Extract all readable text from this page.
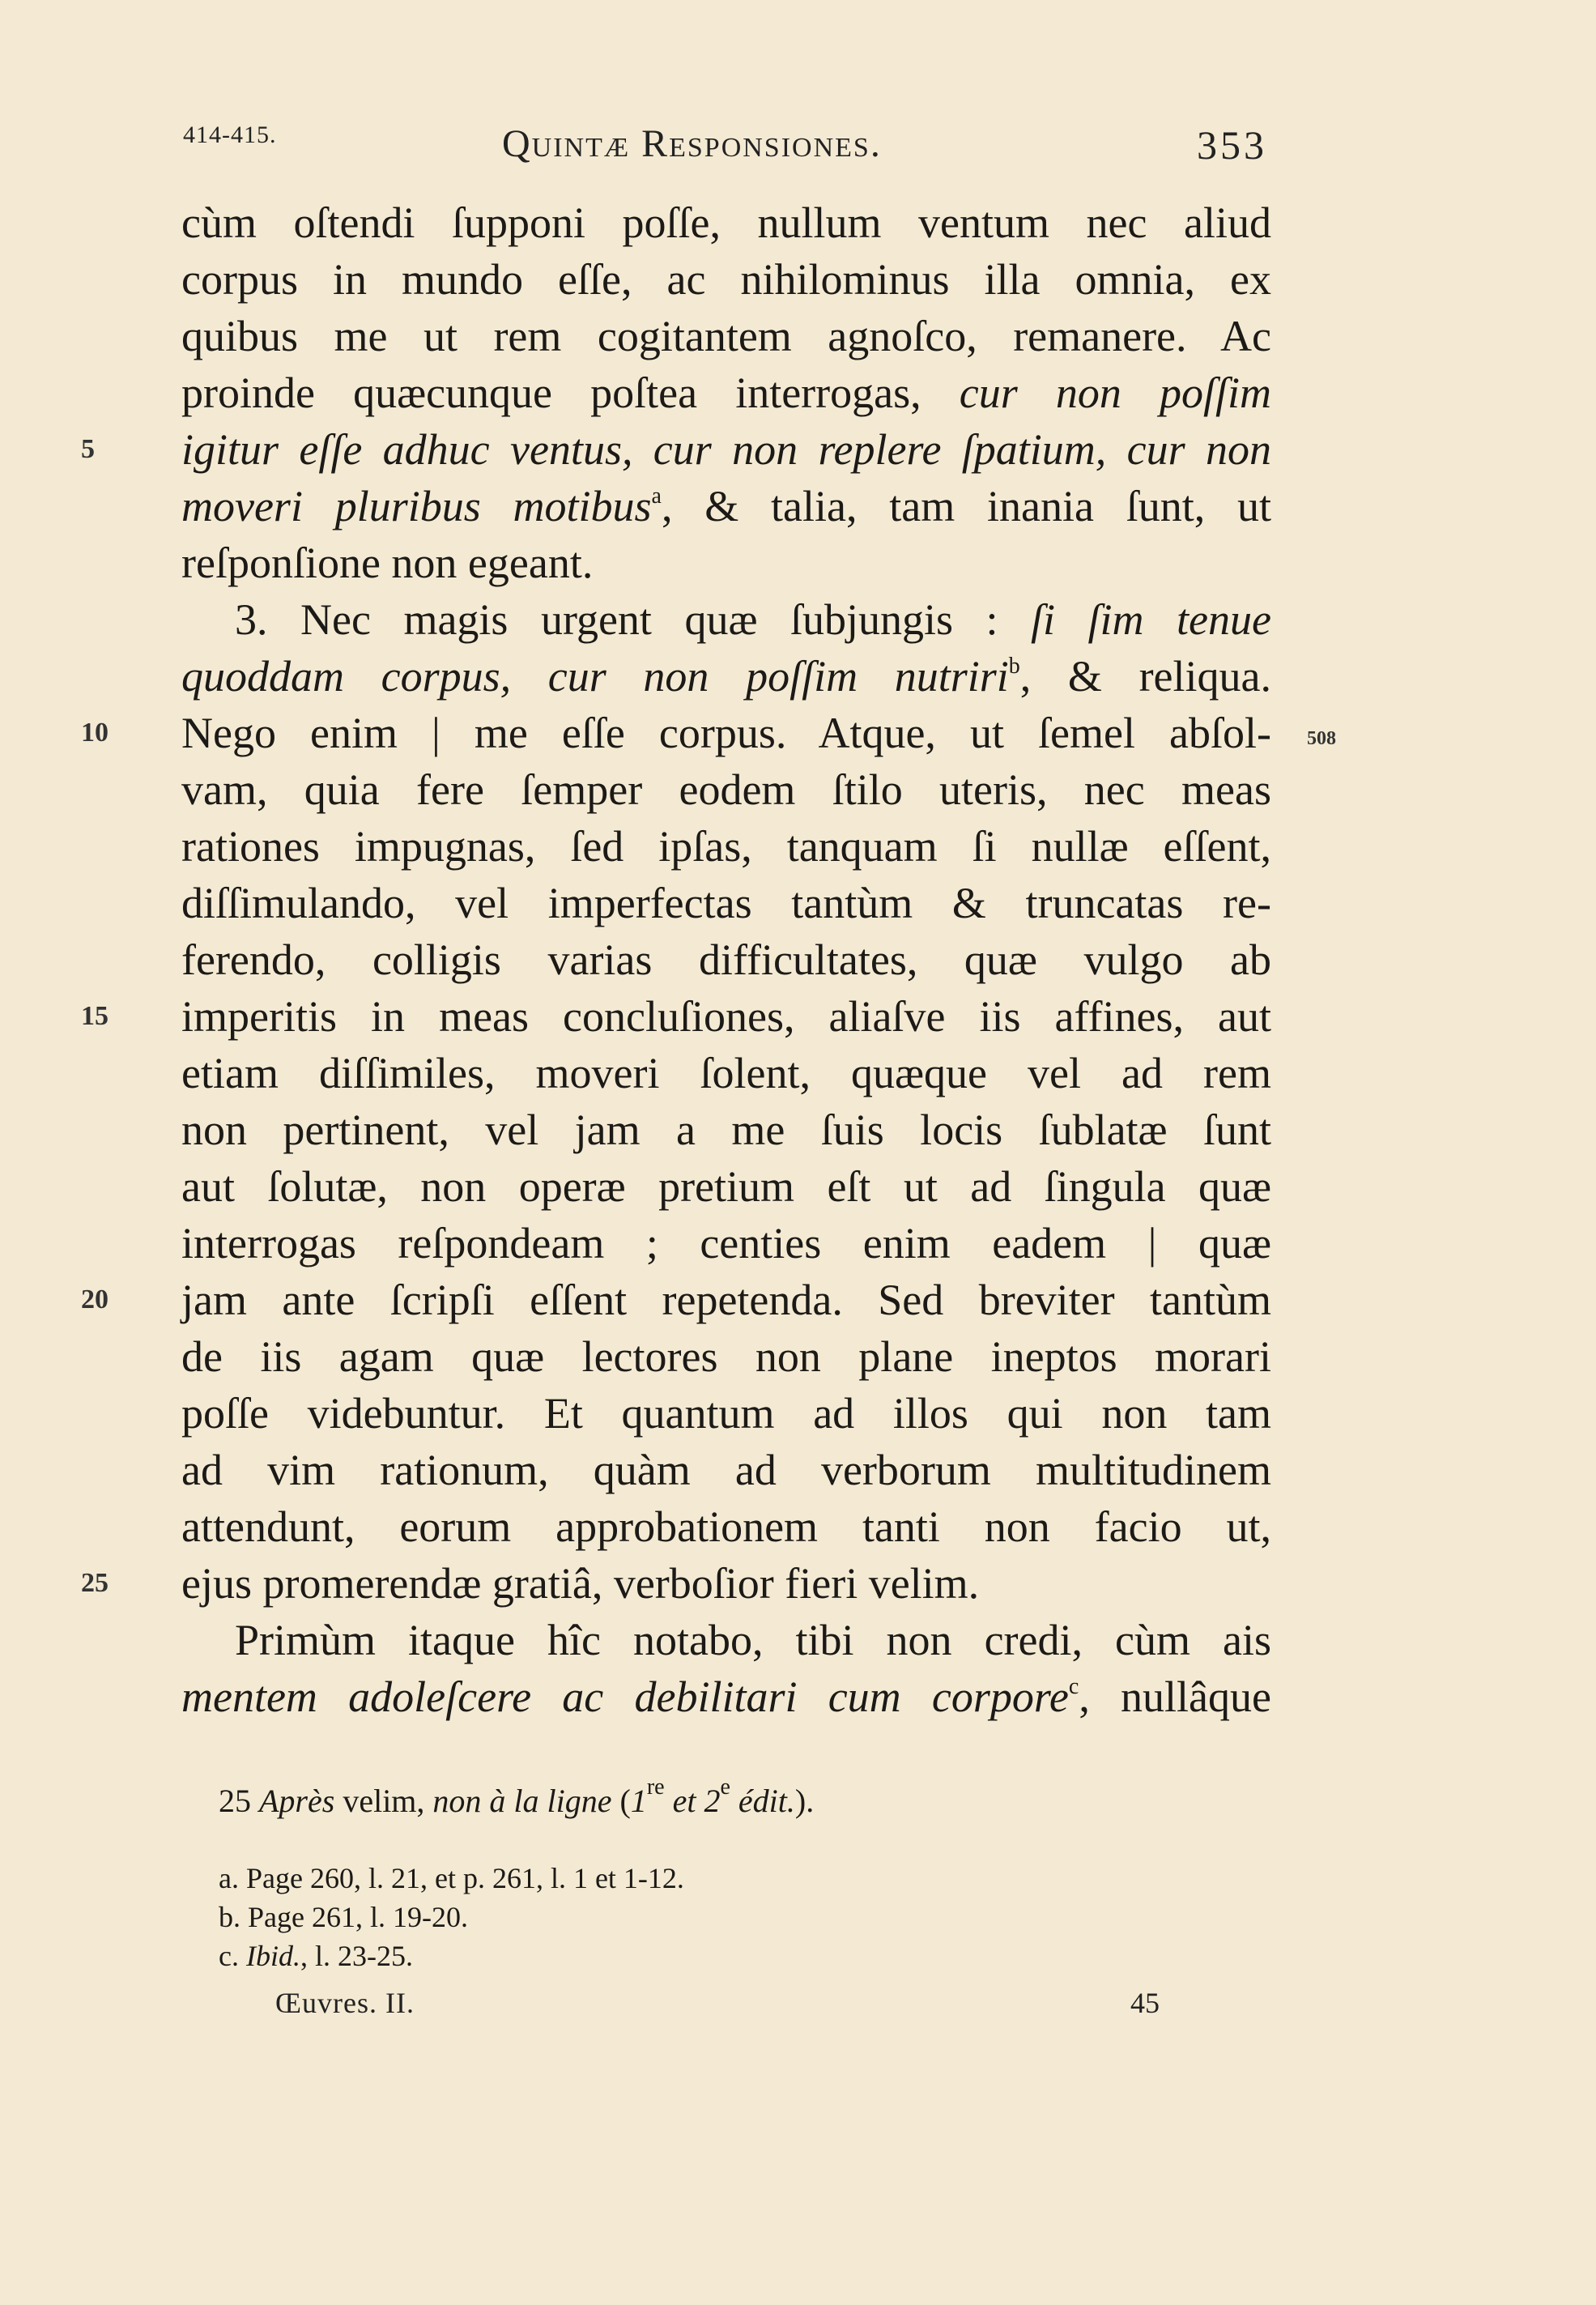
414-415.	Quintæ Responsiones.	353
cùm oſtendi ſupponi poſſe, nullum ventum nec aliud
corpus in mundo eſſe, ac nihilominus illa omnia, ex
quibus me ut rem cogitantem agnoſco, remanere. Ac
proinde quæcunque poſtea interrogas, cur non poſſim
igitur eſſe adhuc ventus, cur non replere ſpatium, cur non
5
moveri pluribus motibus$^a$, & talia, tam inania ſunt, ut
reſponſione non egeant.
3. Nec magis urgent quæ ſubjungis : ſi ſim tenue
quoddam corpus, cur non poſſim nutriri$^b$, & reliqua.
Nego enim | me eſſe corpus. Atque, ut ſemel abſol-
10
vam, quia fere ſemper eodem ſtilo uteris, nec meas
rationes impugnas, ſed ipſas, tanquam ſi nullæ eſſent,
diſſimulando, vel imperfectas tantùm & truncatas re-
ferendo, colligis varias difficultates, quæ vulgo ab
imperitis in meas concluſiones, aliaſve iis affines, aut
15
etiam diſſimiles, moveri ſolent, quæque vel ad rem
non pertinent, vel jam a me ſuis locis ſublatæ ſunt
aut ſolutæ, non operæ pretium eſt ut ad ſingula quæ
interrogas reſpondeam ; centies enim eadem | quæ
jam ante ſcripſi eſſent repetenda. Sed breviter tantùm
20
de iis agam quæ lectores non plane ineptos morari
poſſe videbuntur. Et quantum ad illos qui non tam
ad vim rationum, quàm ad verborum multitudinem
attendunt, eorum approbationem tanti non facio ut,
ejus promerendæ gratiâ, verboſior fieri velim.
25
Primùm itaque hîc notabo, tibi non credi, cùm ais
mentem adoleſcere ac debilitari cum corpore$^c$, nullâque
508
25 Après velim, non à la ligne (1re et 2e édit.).
a. Page 260, l. 21, et p. 261, l. 1 et 1-12.
b. Page 261, l. 19-20.
c. Ibid., l. 23-25.
Œuvres. II.	45
